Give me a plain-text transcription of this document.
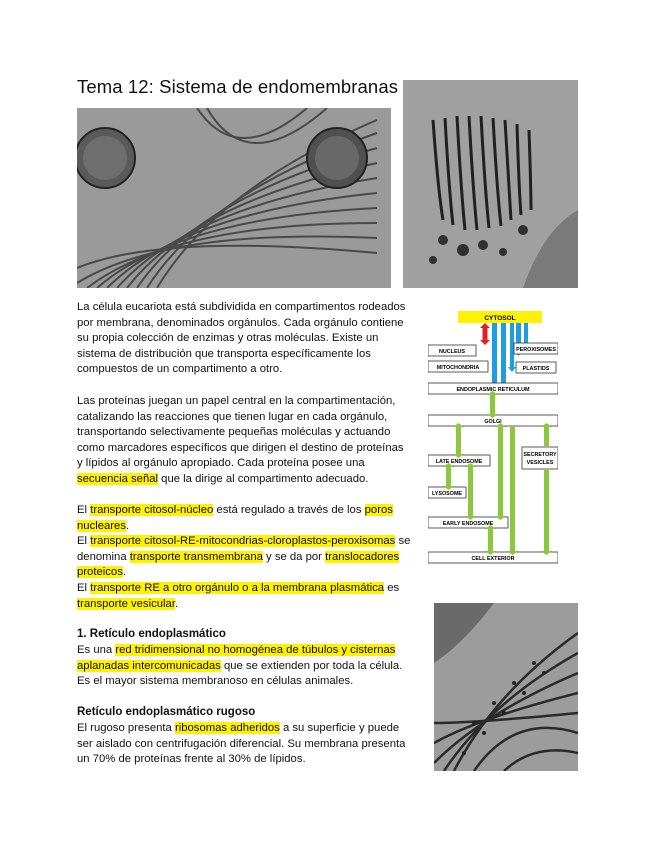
Tema 12: Sistema de endomembranas

La célula eucariota está subdividida en compartimentos rodeados por membrana, denominados orgánulos. Cada orgánulo contiene su propia colección de enzimas y otras moléculas. Existe un sistema de distribución que transporta específicamente los compuestos de un compartimento a otro.

Las proteínas juegan un papel central en la compartimentación, catalizando las reacciones que tienen lugar en cada orgánulo, transportando selectivamente pequeñas moléculas y actuando como marcadores específicos que dirigen el destino de proteínas y lípidos al orgánulo apropiado. Cada proteína posee una secuencia señal que la dirige al compartimento adecuado.

El transporte citosol-núcleo está regulado a través de los poros nucleares.
El transporte citosol-RE-mitocondrias-cloroplastos-peroxisomas se denomina transporte transmembrana y se da por translocadores proteicos.
El transporte RE a otro orgánulo o a la membrana plasmática es transporte vesicular.

1. Retículo endoplasmático

Es una red tridimensional no homogénea de túbulos y cisternas aplanadas intercomunicadas que se extienden por toda la célula. Es el mayor sistema membranoso en células animales.

Retículo endoplasmático rugoso

El rugoso presenta ribosomas adheridos a su superficie y puede ser aislado con centrifugación diferencial. Su membrana presenta un 70% de proteínas frente al 30% de lípidos.

CYTOSOL
NUCLEUS	PEROXISOMES
MITOCHONDRIA	PLASTIDS
ENDOPLASMIC RETICULUM
GOLGI
LATE ENDOSOME
SECRETORY
VESICLES
LYSOSOME
EARLY ENDOSOME
CELL EXTERIOR
